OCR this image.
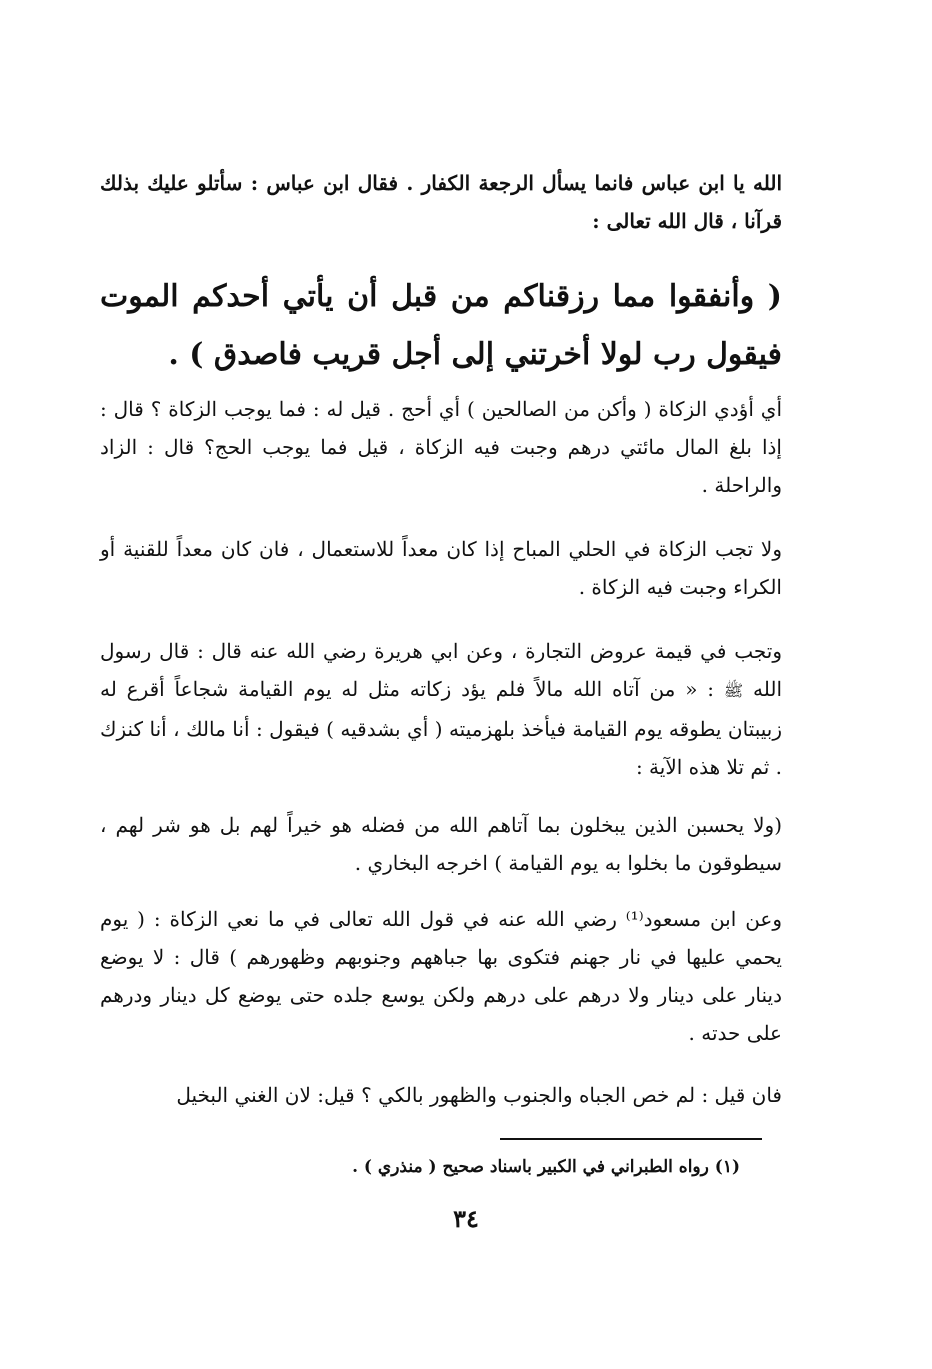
الله يا ابن عباس فانما يسأل الرجعة الكفار . فقال ابن عباس : سأتلو عليك بذلك قرآنا ، قال الله تعالى :

( وأنفقوا مما رزقناكم من قبل أن يأتي أحدكم الموت فيقول رب لولا أخرتني إلى أجل قريب فاصدق ) .

أي أؤدي الزكاة ( وأكن من الصالحين ) أي أحج . قيل له : فما يوجب الزكاة ؟ قال : إذا بلغ المال مائتي درهم وجبت فيه الزكاة ، قيل فما يوجب الحج؟ قال : الزاد والراحلة .

ولا تجب الزكاة في الحلي المباح إذا كان معداً للاستعمال ، فان كان معداً للقنية أو الكراء وجبت فيه الزكاة .

وتجب في قيمة عروض التجارة ، وعن ابي هريرة رضي الله عنه قال : قال رسول الله ﷺ : « من آتاه الله مالاً فلم يؤد زكاته مثل له يوم القيامة شجاعاً أقرع له زبيبتان يطوقه يوم القيامة فيأخذ بلهزميته ( أي بشدقيه ) فيقول : أنا مالك ، أنا كنزك . ثم تلا هذه الآية :

(ولا يحسبن الذين يبخلون بما آتاهم الله من فضله هو خيراً لهم بل هو شر لهم ، سيطوقون ما بخلوا به يوم القيامة ) اخرجه البخاري .

وعن ابن مسعود⁽¹⁾ رضي الله عنه في قول الله تعالى في ما نعي الزكاة : ( يوم يحمي عليها في نار جهنم فتكوى بها جباههم وجنوبهم وظهورهم ) قال : لا يوضع دينار على دينار ولا درهم على درهم ولكن يوسع جلده حتى يوضع كل دينار ودرهم على حدته .

فان قيل : لم خص الجباه والجنوب والظهور بالكي ؟ قيل: لان الغني البخيل

(١) رواه الطبراني في الكبير باسناد صحيح ( منذري ) .
٣٤
